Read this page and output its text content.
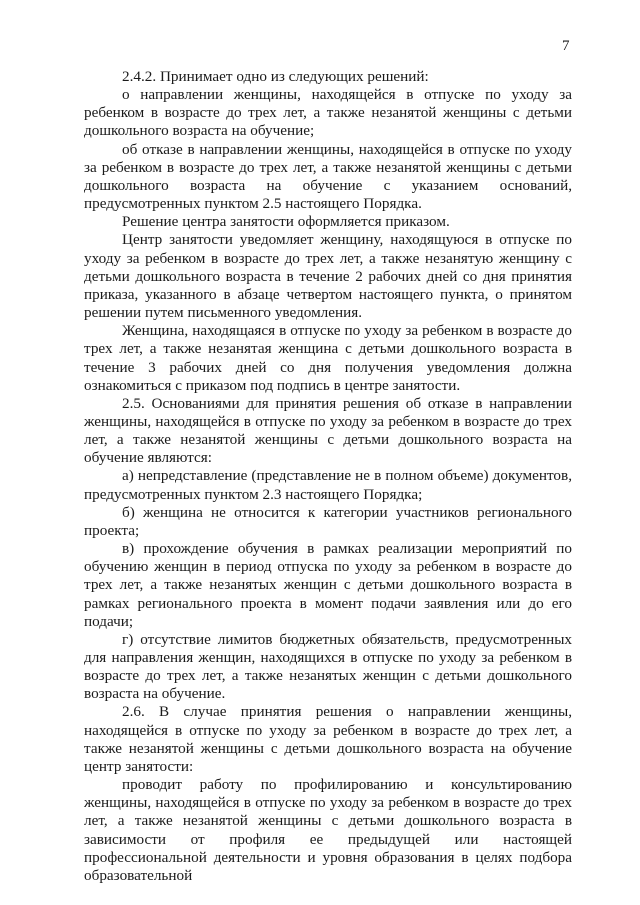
7

2.4.2. Принимает одно из следующих решений:

о направлении женщины, находящейся в отпуске по уходу за ребенком в возрасте до трех лет, а также незанятой женщины с детьми дошкольного возраста на обучение;

об отказе в направлении женщины, находящейся в отпуске по уходу за ребенком в возрасте до трех лет, а также незанятой женщины с детьми дошкольного возраста на обучение с указанием оснований, предусмотренных пунктом 2.5 настоящего Порядка.

Решение центра занятости оформляется приказом.

Центр занятости уведомляет женщину, находящуюся в отпуске по уходу за ребенком в возрасте до трех лет, а также незанятую женщину с детьми дошкольного возраста в течение 2 рабочих дней со дня принятия приказа, указанного в абзаце четвертом настоящего пункта, о принятом решении путем письменного уведомления.

Женщина, находящаяся в отпуске по уходу за ребенком в возрасте до трех лет, а также незанятая женщина с детьми дошкольного возраста в течение 3 рабочих дней со дня получения уведомления должна ознакомиться с приказом под подпись в центре занятости.

2.5. Основаниями для принятия решения об отказе в направлении женщины, находящейся в отпуске по уходу за ребенком в возрасте до трех лет, а также незанятой женщины с детьми дошкольного возраста на обучение являются:

а) непредставление (представление не в полном объеме) документов, предусмотренных пунктом 2.3 настоящего Порядка;

б) женщина не относится к категории участников регионального проекта;

в) прохождение обучения в рамках реализации мероприятий по обучению женщин в период отпуска по уходу за ребенком в возрасте до трех лет, а также незанятых женщин с детьми дошкольного возраста в рамках регионального проекта в момент подачи заявления или до его подачи;

г) отсутствие лимитов бюджетных обязательств, предусмотренных для направления женщин, находящихся в отпуске по уходу за ребенком в возрасте до трех лет, а также незанятых женщин с детьми дошкольного возраста на обучение.

2.6. В случае принятия решения о направлении женщины, находящейся в отпуске по уходу за ребенком в возрасте до трех лет, а также незанятой женщины с детьми дошкольного возраста на обучение центр занятости:

проводит работу по профилированию и консультированию женщины, находящейся в отпуске по уходу за ребенком в возрасте до трех лет, а также незанятой женщины с детьми дошкольного возраста в зависимости от профиля ее предыдущей или настоящей профессиональной деятельности и уровня образования в целях подбора образовательной
